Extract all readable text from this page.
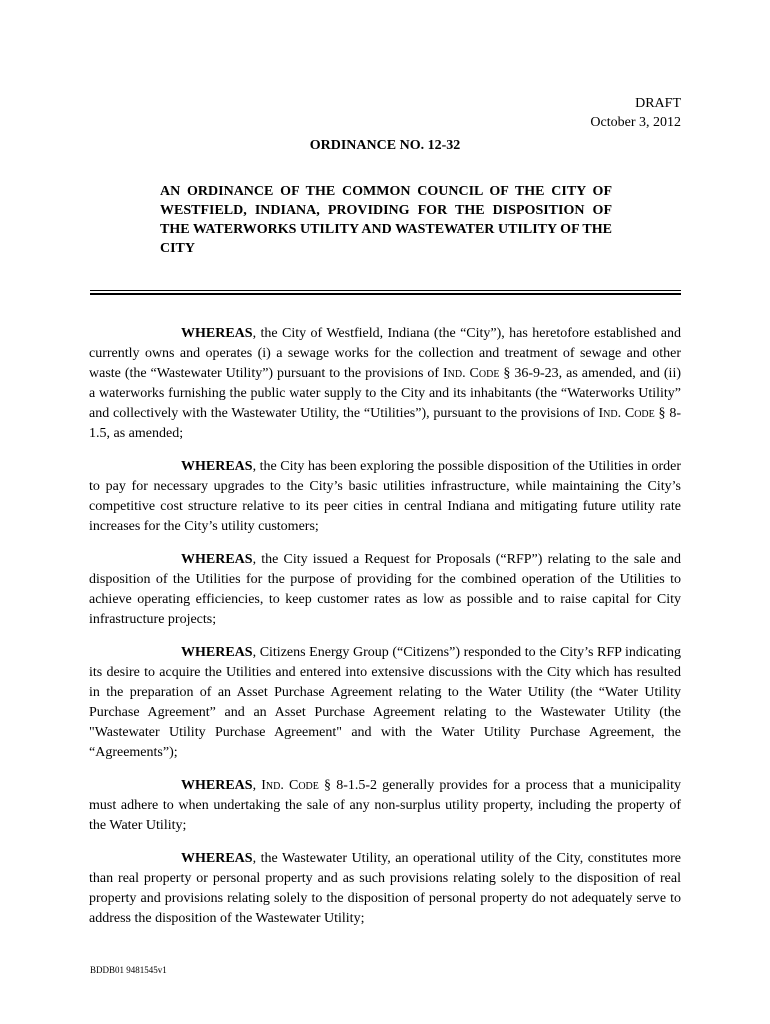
DRAFT
October 3, 2012
ORDINANCE NO. 12-32
AN ORDINANCE OF THE COMMON COUNCIL OF THE CITY OF WESTFIELD, INDIANA, PROVIDING FOR THE DISPOSITION OF THE WATERWORKS UTILITY AND WASTEWATER UTILITY OF THE CITY

WHEREAS, the City of Westfield, Indiana (the “City”), has heretofore established and currently owns and operates (i) a sewage works for the collection and treatment of sewage and other waste (the “Wastewater Utility”) pursuant to the provisions of Ind. Code § 36-9-23, as amended, and (ii) a waterworks furnishing the public water supply to the City and its inhabitants (the “Waterworks Utility” and collectively with the Wastewater Utility, the “Utilities”), pursuant to the provisions of Ind. Code § 8-1.5, as amended;

WHEREAS, the City has been exploring the possible disposition of the Utilities in order to pay for necessary upgrades to the City’s basic utilities infrastructure, while maintaining the City’s competitive cost structure relative to its peer cities in central Indiana and mitigating future utility rate increases for the City’s utility customers;

WHEREAS, the City issued a Request for Proposals (“RFP”) relating to the sale and disposition of the Utilities for the purpose of providing for the combined operation of the Utilities to achieve operating efficiencies, to keep customer rates as low as possible and to raise capital for City infrastructure projects;

WHEREAS, Citizens Energy Group (“Citizens”) responded to the City’s RFP indicating its desire to acquire the Utilities and entered into extensive discussions with the City which has resulted in the preparation of an Asset Purchase Agreement relating to the Water Utility (the “Water Utility Purchase Agreement” and an Asset Purchase Agreement relating to the Wastewater Utility (the "Wastewater Utility Purchase Agreement" and with the Water Utility Purchase Agreement, the “Agreements”);

WHEREAS, Ind. Code § 8-1.5-2 generally provides for a process that a municipality must adhere to when undertaking the sale of any non-surplus utility property, including the property of the Water Utility;

WHEREAS, the Wastewater Utility, an operational utility of the City, constitutes more than real property or personal property and as such provisions relating solely to the disposition of real property and provisions relating solely to the disposition of personal property do not adequately serve to address the disposition of the Wastewater Utility;

BDDB01 9481545v1
